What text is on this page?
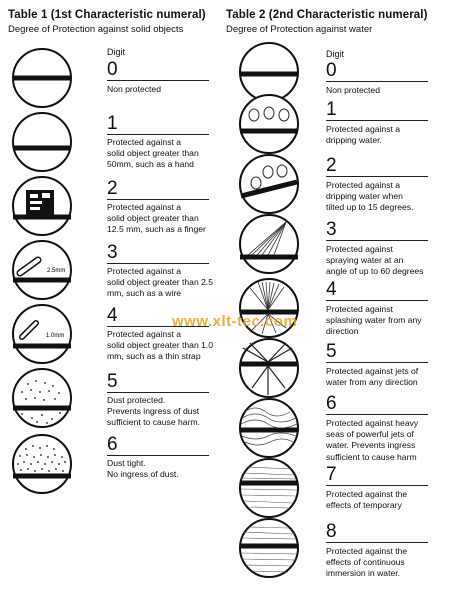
Table 1 (1st Characteristic numeral)
Degree of Protection against solid objects
Table 2 (2nd Characteristic numeral)
Degree of Protection against water
Digit	Digit
0
Non protected
1
Protected against a
solid object greater than
50mm, such as a hand
2
Protected against a
solid object greater than
12.5 mm, such as a finger
3
Protected against a
solid object greater than 2.5
mm, such as a wire
4
Protected against a
solid object greater than 1.0
mm, such as a thin strap
5
Dust protected.
Prevents ingress of dust
sufficient to cause harm.
6
Dust tight.
No ingress of dust.
0
Non protected
1
Protected against a
dripping water.
2
Protected against a
dripping water when
tilted up to 15 degrees.
3
Protected against
spraying water at an
angle of up to 60 degrees
4
Protected against
splashing water from any
direction
5
Protected against jets of
water from any direction
6
Protected against heavy
seas of powerful jets of
water. Prevents ingress
sufficient to cause harm
7
Protected against the
effects of temporary
8
Protected against the
effects of continuous
immersion in water.
2.5mm
1.0mm
www.xlt-tec.com
